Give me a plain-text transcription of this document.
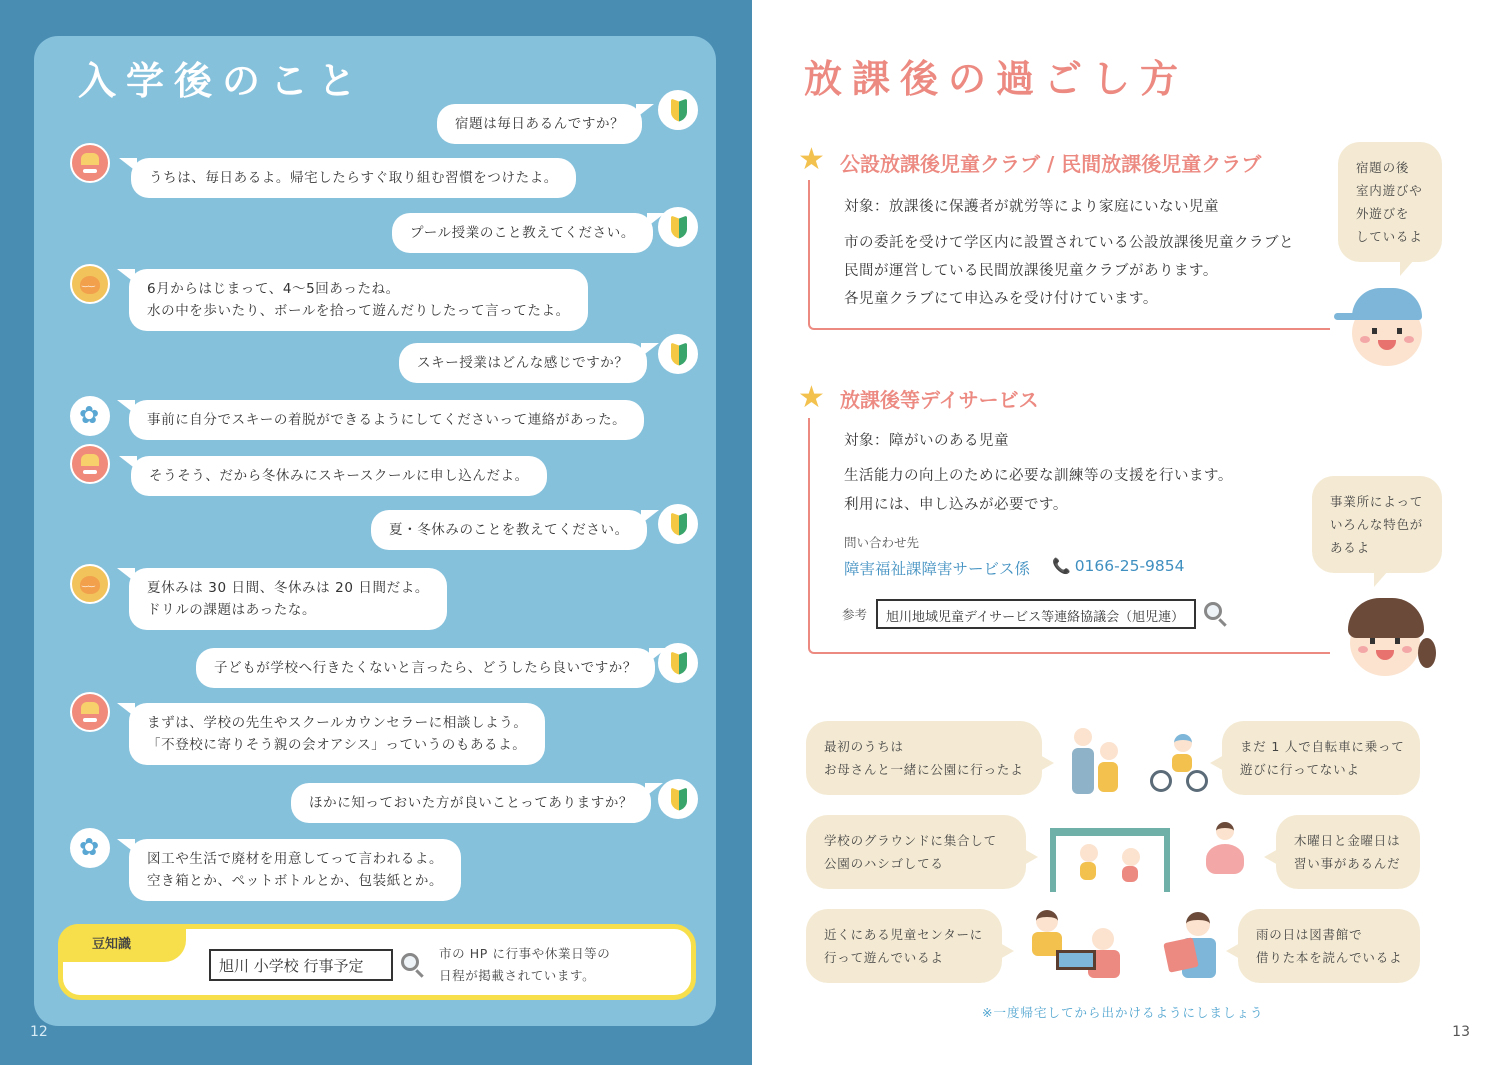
入学後のこと
宿題は毎日あるんですか？
うちは、毎日あるよ。帰宅したらすぐ取り組む習慣をつけたよ。
プール授業のこと教えてください。
‿‿
6月からはじまって、4〜5回あったね。
水の中を歩いたり、ボールを拾って遊んだりしたって言ってたよ。
スキー授業はどんな感じですか？
✿
事前に自分でスキーの着脱ができるようにしてくださいって連絡があった。
そうそう、だから冬休みにスキースクールに申し込んだよ。
夏・冬休みのことを教えてください。
‿‿
夏休みは 30 日間、冬休みは 20 日間だよ。
ドリルの課題はあったな。
子どもが学校へ行きたくないと言ったら、どうしたら良いですか？
まずは、学校の先生やスクールカウンセラーに相談しよう。
「不登校に寄りそう親の会オアシス」っていうのもあるよ。
ほかに知っておいた方が良いことってありますか？
✿
図工や生活で廃材を用意してって言われるよ。
空き箱とか、ペットボトルとか、包装紙とか。
豆知識
旭川 小学校 行事予定
市の HP に行事や休業日等の
日程が掲載されています。
12
放課後の過ごし方
★ 公設放課後児童クラブ / 民間放課後児童クラブ
対象：放課後に保護者が就労等により家庭にいない児童
市の委託を受けて学区内に設置されている公設放課後児童クラブと
民間が運営している民間放課後児童クラブがあります。
各児童クラブにて申込みを受け付けています。
宿題の後
室内遊びや
外遊びを
しているよ
★ 放課後等デイサービス
対象：障がいのある児童
生活能力の向上のために必要な訓練等の支援を行います。
利用には、申し込みが必要です。
問い合わせ先
障害福祉課障害サービス係 📞 0166-25-9854
参考	旭川地域児童デイサービス等連絡協議会（旭児連）
事業所によって
いろんな特色が
あるよ
最初のうちは
お母さんと一緒に公園に行ったよ
まだ 1 人で自転車に乗って
遊びに行ってないよ
学校のグラウンドに集合して
公園のハシゴしてる
木曜日と金曜日は
習い事があるんだ
近くにある児童センターに
行って遊んでいるよ
雨の日は図書館で
借りた本を読んでいるよ
※一度帰宅してから出かけるようにしましょう
13
